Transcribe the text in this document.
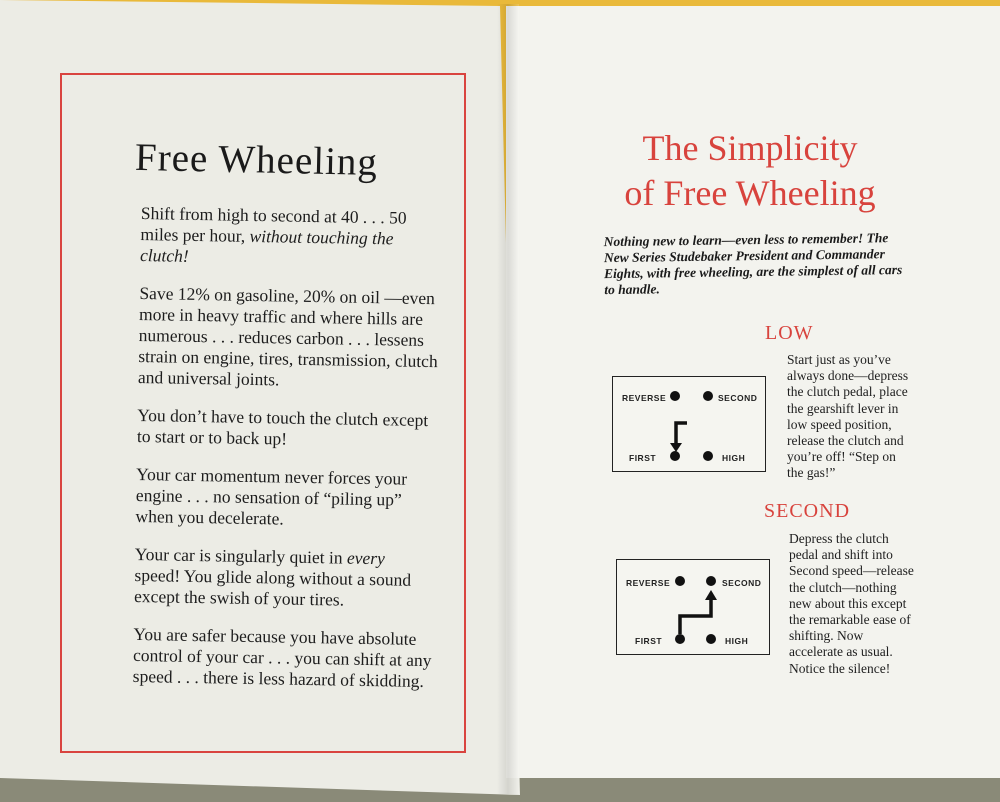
Free Wheeling

Shift from high to second at 40 . . . 50 miles per hour, without touching the clutch!

Save 12% on gasoline, 20% on oil —even more in heavy traffic and where hills are numerous . . . reduces carbon . . . lessens strain on engine, tires, transmission, clutch and universal joints.

You don’t have to touch the clutch except to start or to back up!

Your car momentum never forces your engine . . . no sensation of “piling up” when you decelerate.

Your car is singularly quiet in every speed! You glide along without a sound except the swish of your tires.

You are safer because you have absolute control of your car . . . you can shift at any speed . . . there is less hazard of skidding.

The Simplicity
of Free Wheeling

Nothing new to learn—even less to remember! The New Series Studebaker President and Commander Eights, with free wheeling, are the simplest of all cars to handle.

LOW
REVERSE	SECOND
FIRST	HIGH

Start just as you’ve always done—depress the clutch pedal, place the gearshift lever in low speed position, release the clutch and you’re off! “Step on the gas!”

SECOND
REVERSE	SECOND
FIRST	HIGH

Depress the clutch pedal and shift into Second speed—release the clutch—nothing new about this except the remarkable ease of shifting. Now accelerate as usual. Notice the silence!
